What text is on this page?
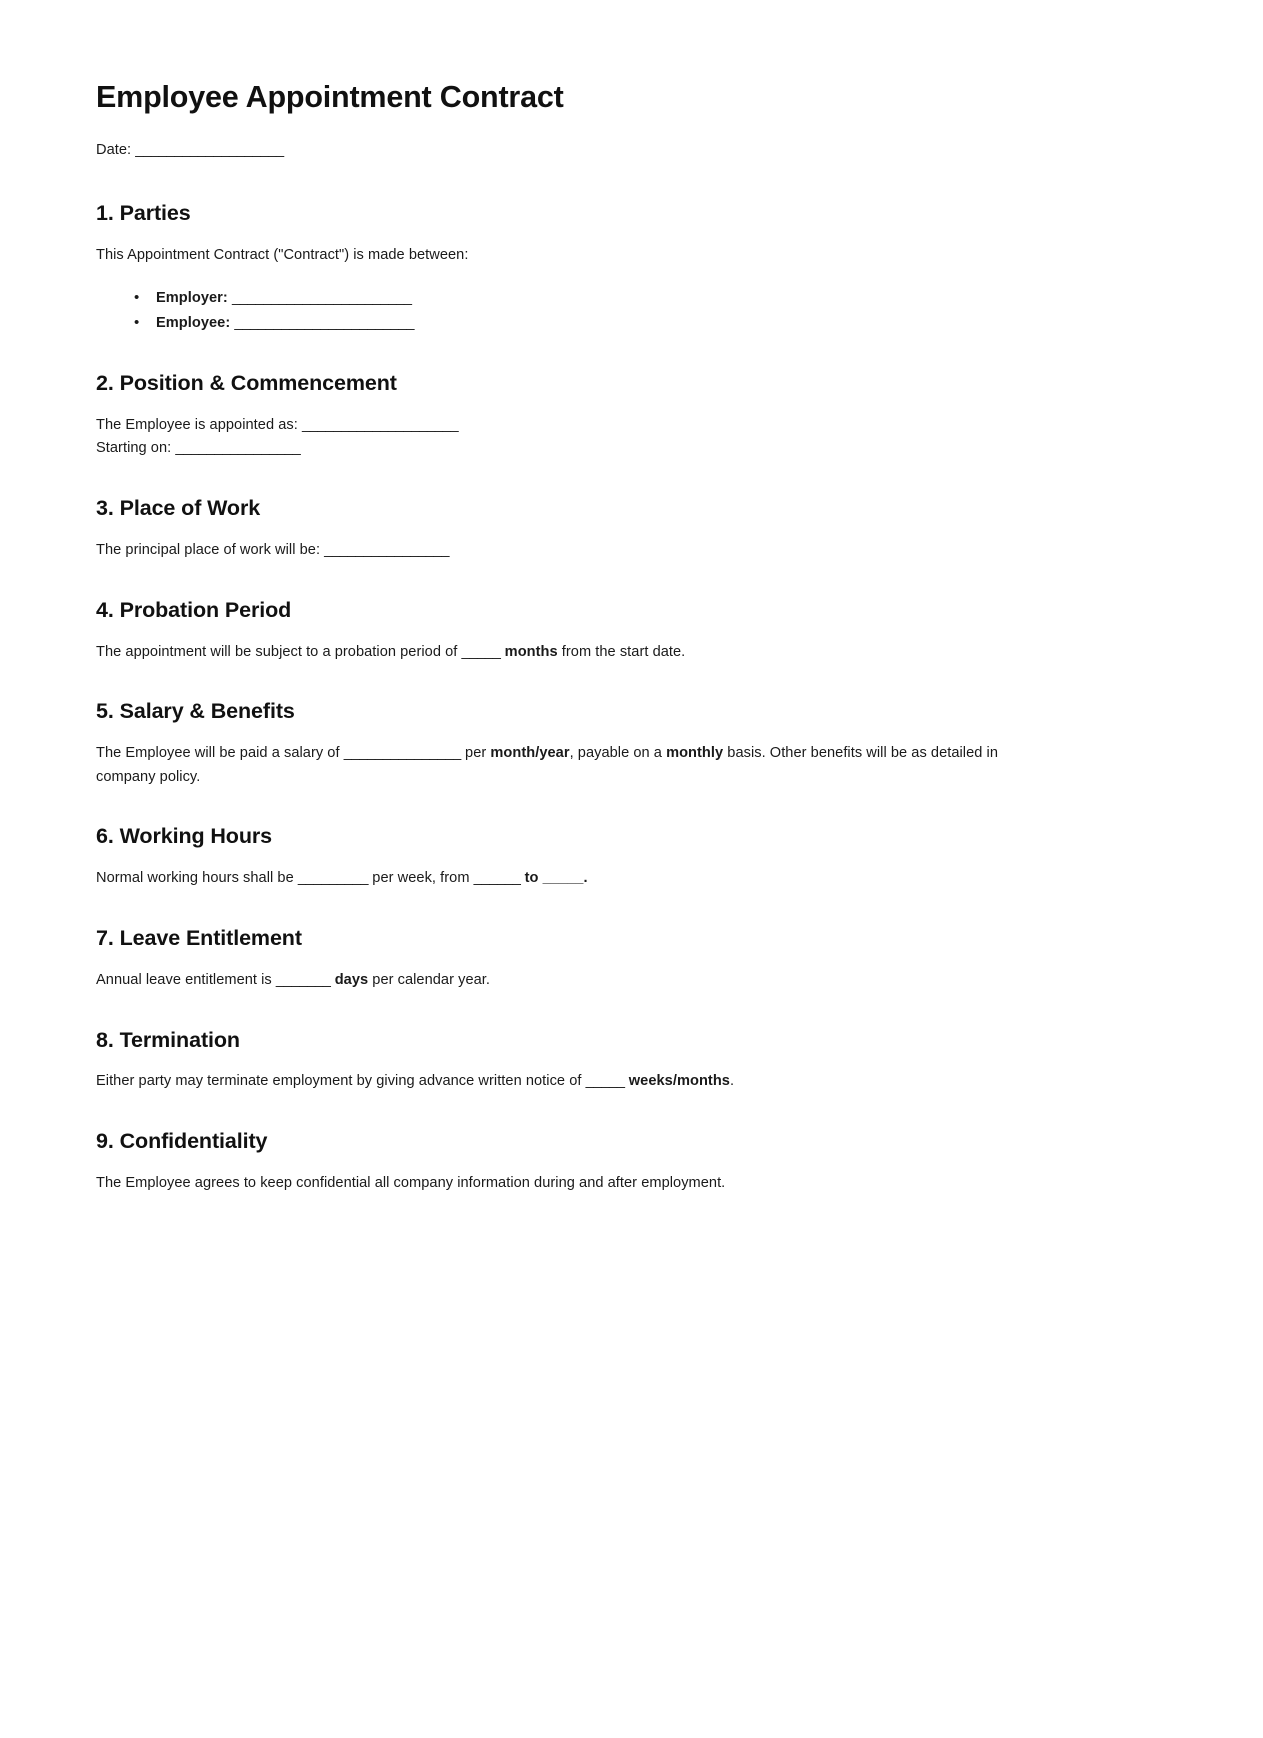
Employee Appointment Contract

Date: ___________________

1. Parties

This Appointment Contract ("Contract") is made between:

• Employer: _______________________
• Employee: _______________________
2. Position & Commencement

The Employee is appointed as: ____________________

Starting on: ________________

3. Place of Work

The principal place of work will be: ________________

4. Probation Period

The appointment will be subject to a probation period of _____ months from the start date.

5. Salary & Benefits

The Employee will be paid a salary of _______________ per month/year, payable on a monthly basis. Other benefits will be as detailed in company policy.

6. Working Hours

Normal working hours shall be _________ per week, from ______ to _____.

7. Leave Entitlement

Annual leave entitlement is _______ days per calendar year.

8. Termination

Either party may terminate employment by giving advance written notice of _____ weeks/months.

9. Confidentiality

The Employee agrees to keep confidential all company information during and after employment.
